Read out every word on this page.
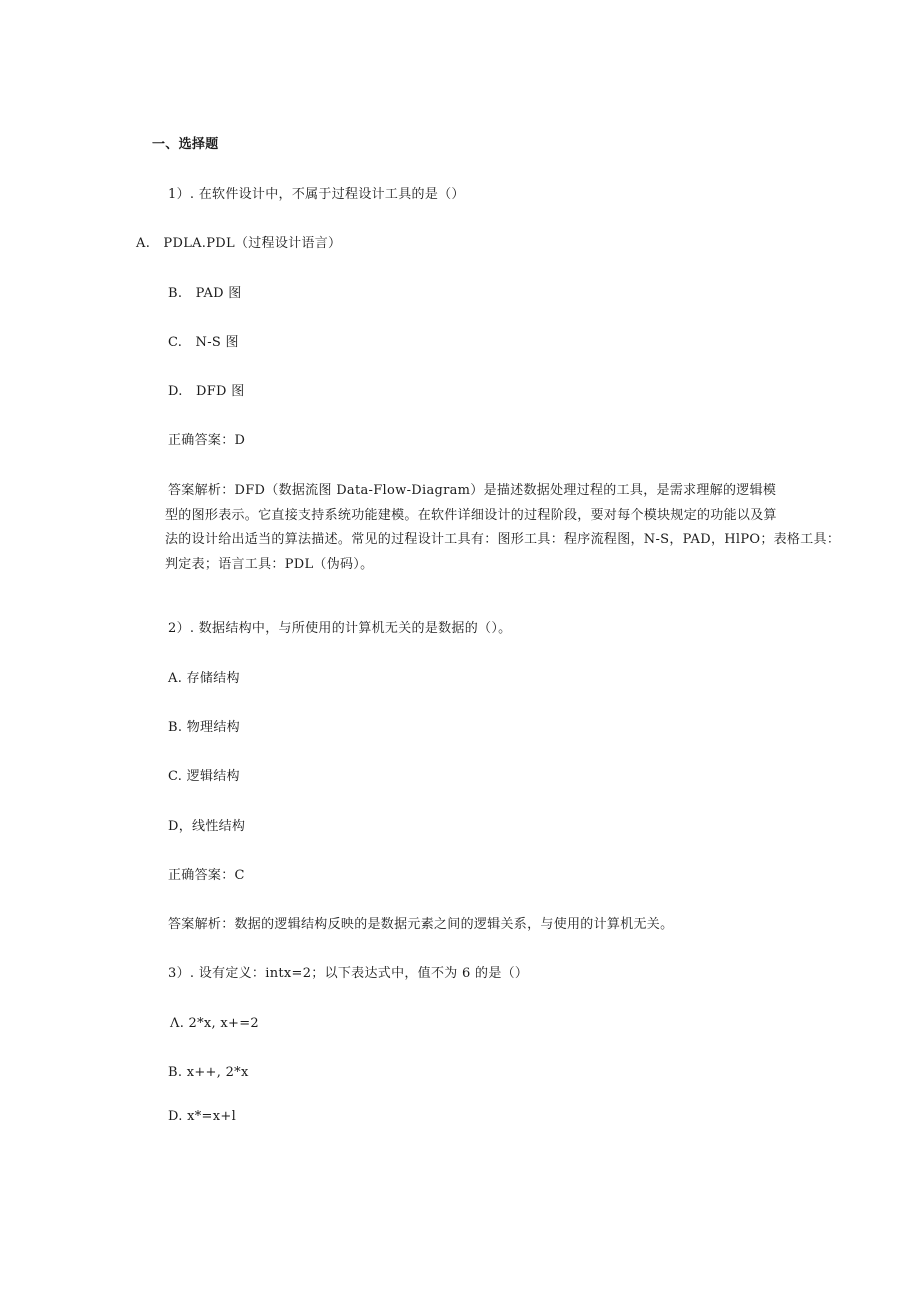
一、选择题
1）. 在软件设计中，不属于过程设计工具的是（）
A.　PDLA.PDL（过程设计语言）
B.　PAD 图
C.　N-S 图
D.　DFD 图
正确答案：D
答案解析：DFD（数据流图 Data-Flow-Diagram）是描述数据处理过程的工具，是需求理解的逻辑模
型的图形表示。它直接支持系统功能建模。在软件详细设计的过程阶段，要对每个模块规定的功能以及算
法的设计给出适当的算法描述。常见的过程设计工具有：图形工具：程序流程图，N-S，PAD，HlPO；表格工具：
判定表；语言工具：PDL（伪码）。
2）. 数据结构中，与所使用的计算机无关的是数据的（）。
A. 存储结构
B. 物理结构
C. 逻辑结构
D，线性结构
正确答案：C
答案解析：数据的逻辑结构反映的是数据元素之间的逻辑关系，与使用的计算机无关。
3）. 设有定义：intx=2；以下表达式中，值不为 6 的是（）
Λ. 2*x, x+=2
B. x++, 2*x
D. x*=x+l
